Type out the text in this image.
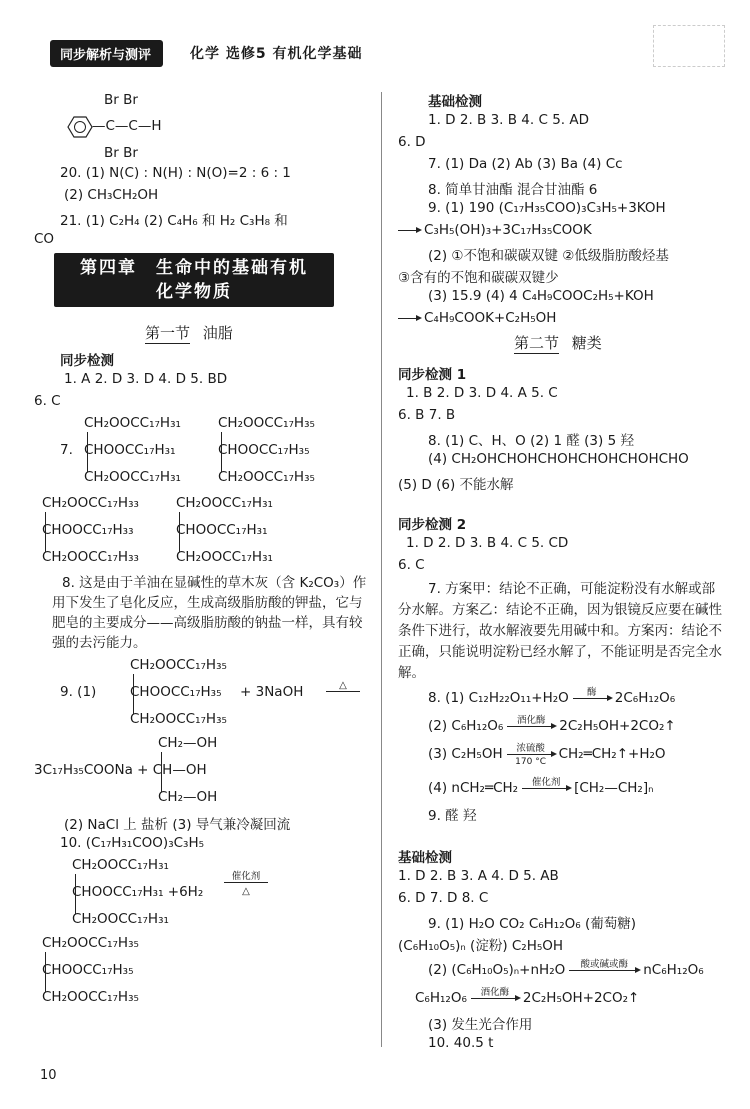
同步解析与测评	化学 选修5 有机化学基础
Br Br
—C—C—H
Br Br
20. (1) N(C) : N(H) : N(O)=2 : 6 : 1
(2) CH₃CH₂OH
21. (1) C₂H₄ (2) C₄H₆ 和 H₂ C₃H₈ 和
CO
第四章　生命中的基础有机
化学物质
第一节 油脂
同步检测
1. A 2. D 3. D 4. D 5. BD
6. C
CH₂OOCC₁₇H₃₁
7. CHOOCC₁₇H₃₁
CH₂OOCC₁₇H₃₁
CH₂OOCC₁₇H₃₅
CHOOCC₁₇H₃₅
CH₂OOCC₁₇H₃₅
CH₂OOCC₁₇H₃₃
CHOOCC₁₇H₃₃
CH₂OOCC₁₇H₃₃
CH₂OOCC₁₇H₃₁
CHOOCC₁₇H₃₁
CH₂OOCC₁₇H₃₁
8. 这是由于羊油在显碱性的草木灰（含 K₂CO₃）作用下发生了皂化反应，生成高级脂肪酸的钾盐，它与肥皂的主要成分——高级脂肪酸的钠盐一样，具有较强的去污能力。
CH₂OOCC₁₇H₃₅
9. (1) CHOOCC₁₇H₃₅ + 3NaOH	△
CH₂OOCC₁₇H₃₅
CH₂—OH
3C₁₇H₃₅COONa + CH—OH
CH₂—OH
(2) NaCl 上 盐析 (3) 导气兼冷凝回流
10. (C₁₇H₃₁COO)₃C₃H₅
CH₂OOCC₁₇H₃₁
CHOOCC₁₇H₃₁ +6H₂
CH₂OOCC₁₇H₃₁
催化剂
△
CH₂OOCC₁₇H₃₅
CHOOCC₁₇H₃₅
CH₂OOCC₁₇H₃₅
10
基础检测
1. D 2. B 3. B 4. C 5. AD
6. D
7. (1) Da (2) Ab (3) Ba (4) Cc
8. 简单甘油酯 混合甘油酯 6
9. (1) 190 (C₁₇H₃₅COO)₃C₃H₅+3KOH
C₃H₅(OH)₃+3C₁₇H₃₅COOK
(2) ①不饱和碳碳双键 ②低级脂肪酸烃基
③含有的不饱和碳碳双键少
(3) 15.9 (4) 4 C₄H₉COOC₂H₅+KOH
C₄H₉COOK+C₂H₅OH
第二节 糖类
同步检测 1
1. B 2. D 3. D 4. A 5. C
6. B 7. B
8. (1) C、H、O (2) 1 醛 (3) 5 羟
(4) CH₂OHCHOHCHOHCHOHCHOHCHO
(5) D (6) 不能水解
同步检测 2
1. D 2. D 3. B 4. C 5. CD
6. C
7. 方案甲：结论不正确，可能淀粉没有水解或部分水解。方案乙：结论不正确，因为银镜反应要在碱性条件下进行，故水解液要先用碱中和。方案丙：结论不正确，只能说明淀粉已经水解了，不能证明是否完全水解。
8. (1) C₁₂H₂₂O₁₁+H₂O	酶	2C₆H₁₂O₆
(2) C₆H₁₂O₆	酒化酶	2C₂H₅OH+2CO₂↑
(3) C₂H₅OH	浓硫酸
170 °C CH₂═CH₂↑+H₂O
(4) nCH₂═CH₂	催化剂	[CH₂—CH₂]ₙ
9. 醛 羟
基础检测
1. D 2. B 3. A 4. D 5. AB
6. D 7. D 8. C
9. (1) H₂O CO₂ C₆H₁₂O₆ (葡萄糖)
(C₆H₁₀O₅)ₙ (淀粉) C₂H₅OH
(2) (C₆H₁₀O₅)ₙ+nH₂O	酸或碱或酶	nC₆H₁₂O₆
C₆H₁₂O₆	酒化酶	2C₂H₅OH+2CO₂↑
(3) 发生光合作用
10. 40.5 t
